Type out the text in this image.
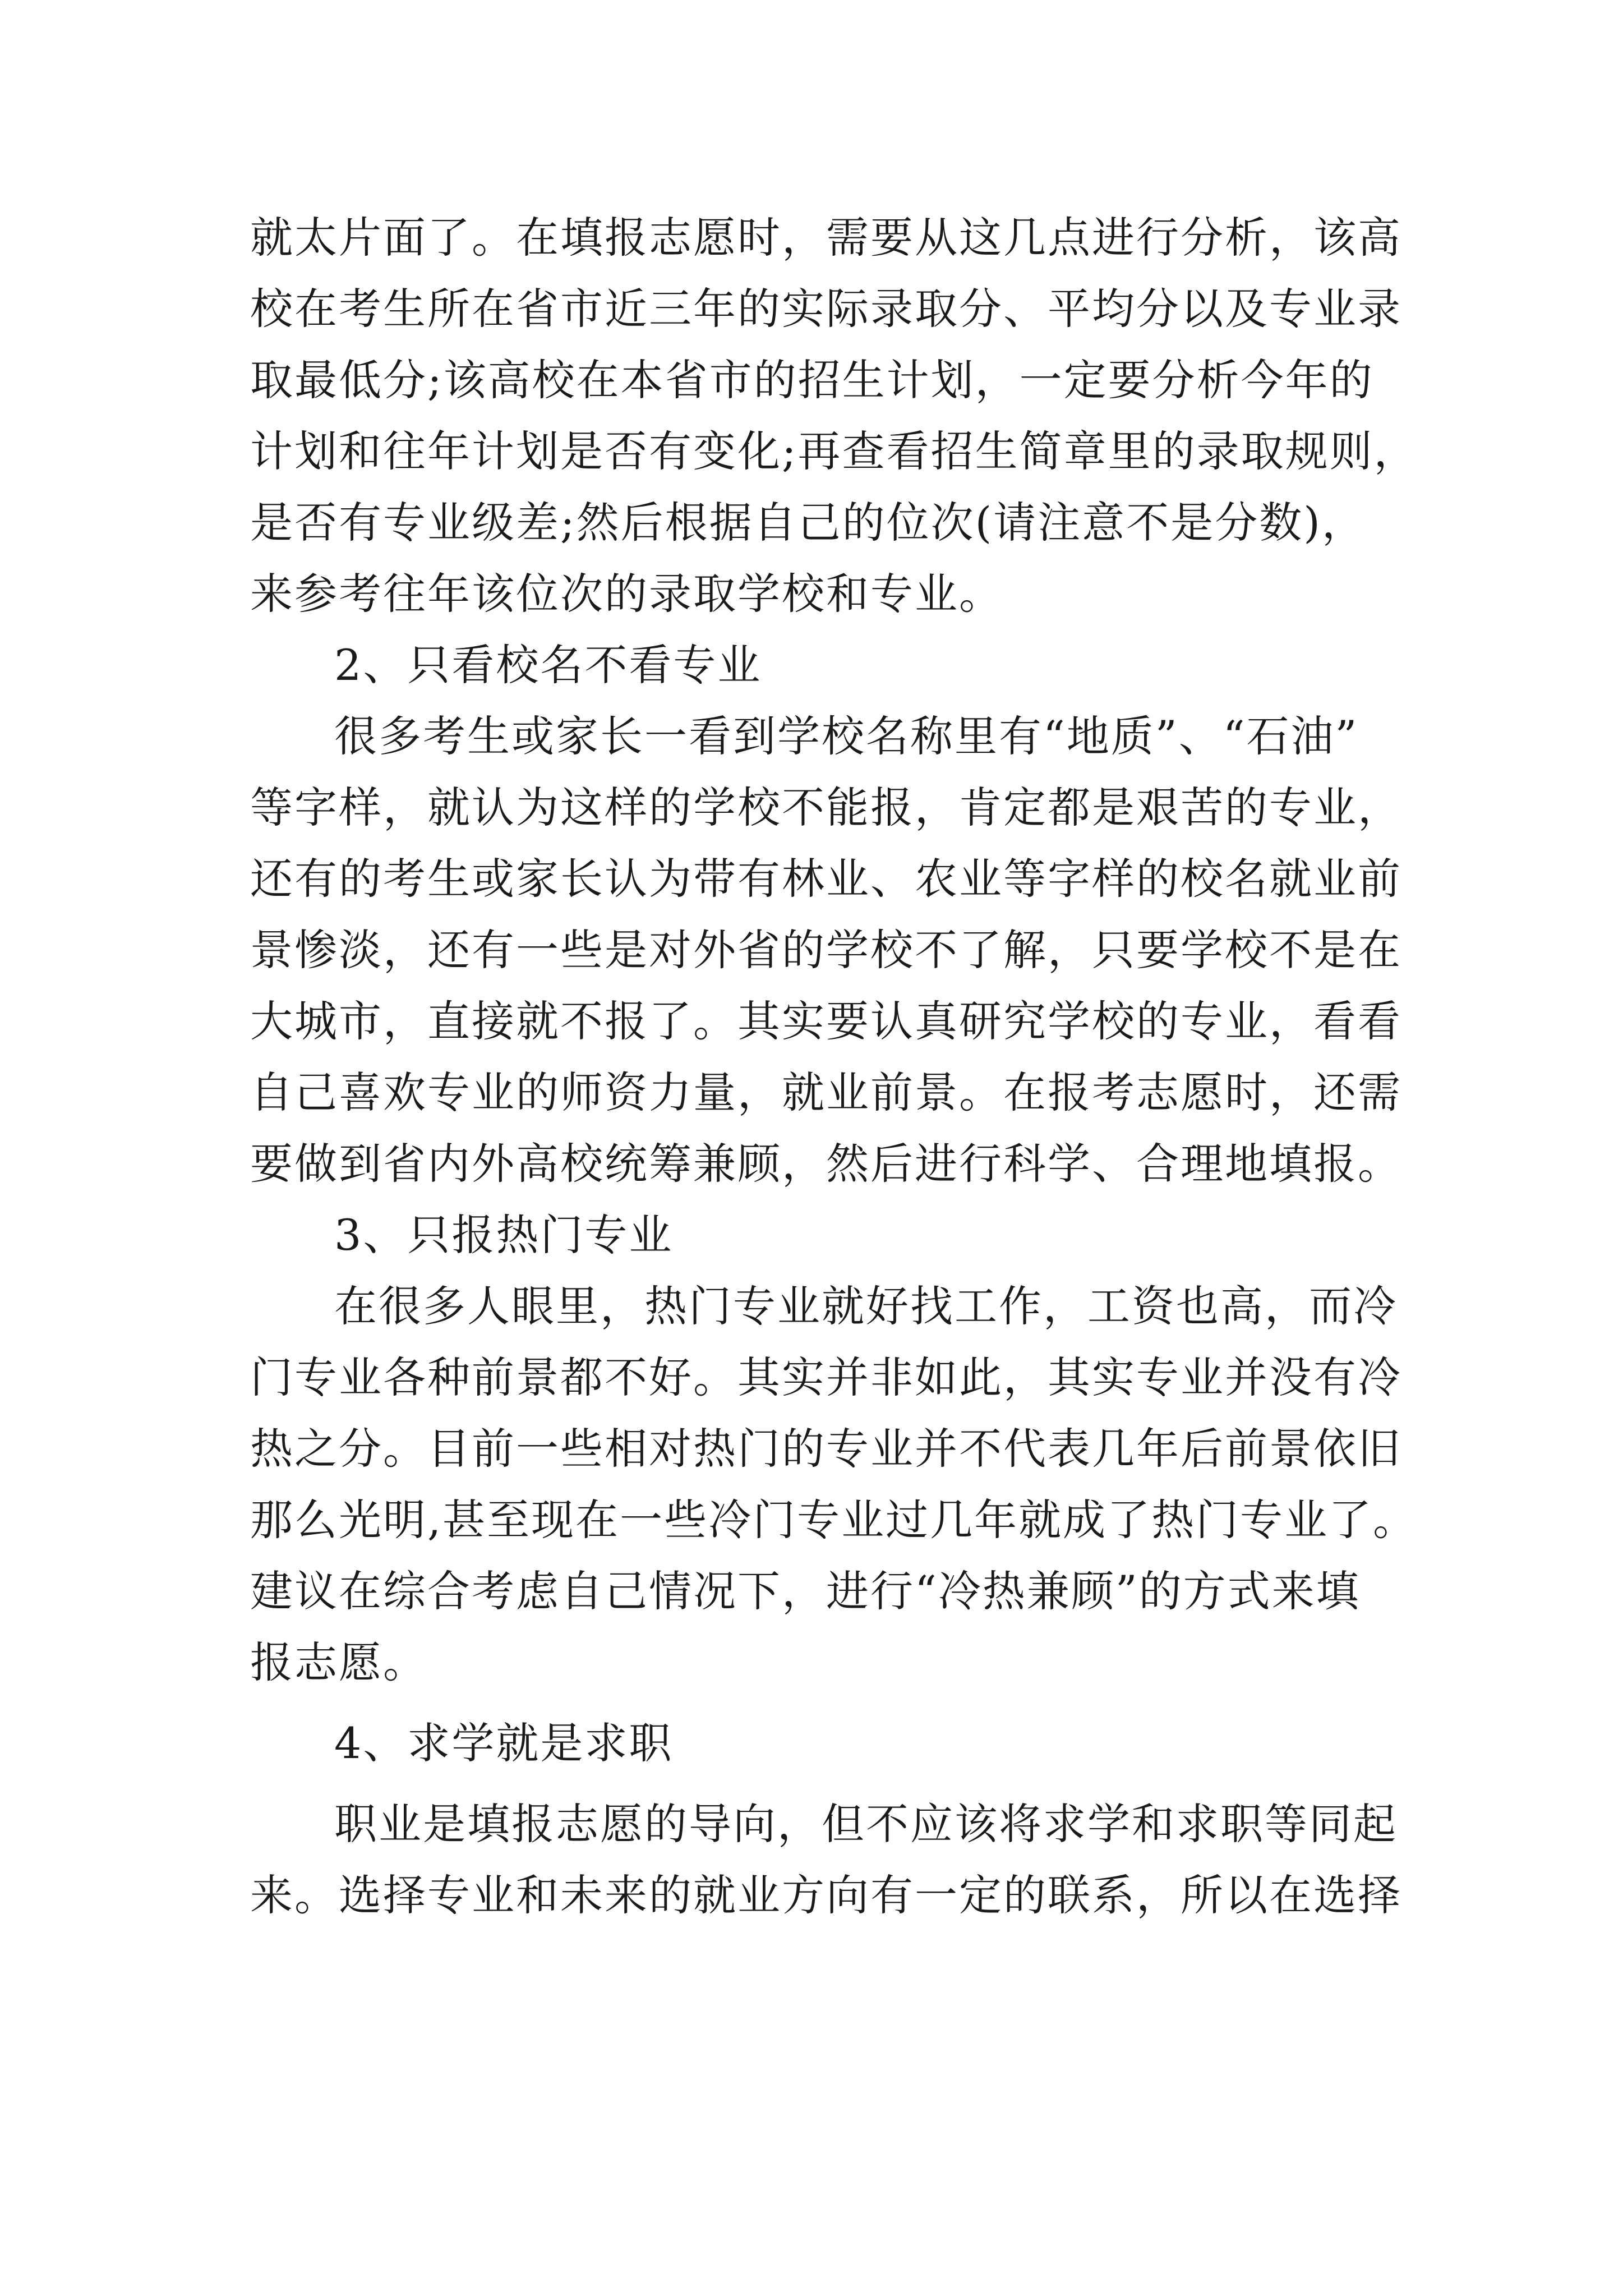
就太片面了。在填报志愿时，需要从这几点进行分析，该高
校在考生所在省市近三年的实际录取分、平均分以及专业录
取最低分;该高校在本省市的招生计划，一定要分析今年的
计划和往年计划是否有变化;再查看招生简章里的录取规则，
是否有专业级差;然后根据自己的位次(请注意不是分数)，
来参考往年该位次的录取学校和专业。
2、只看校名不看专业
很多考生或家长一看到学校名称里有“地质”、“石油”
等字样，就认为这样的学校不能报，肯定都是艰苦的专业，
还有的考生或家长认为带有林业、农业等字样的校名就业前
景惨淡，还有一些是对外省的学校不了解，只要学校不是在
大城市，直接就不报了。其实要认真研究学校的专业，看看
自己喜欢专业的师资力量，就业前景。在报考志愿时，还需
要做到省内外高校统筹兼顾，然后进行科学、合理地填报。
3、只报热门专业
在很多人眼里，热门专业就好找工作，工资也高，而冷
门专业各种前景都不好。其实并非如此，其实专业并没有冷
热之分。目前一些相对热门的专业并不代表几年后前景依旧
那么光明,甚至现在一些冷门专业过几年就成了热门专业了。
建议在综合考虑自己情况下，进行“冷热兼顾”的方式来填
报志愿。
4、求学就是求职
职业是填报志愿的导向，但不应该将求学和求职等同起
来。选择专业和未来的就业方向有一定的联系，所以在选择
